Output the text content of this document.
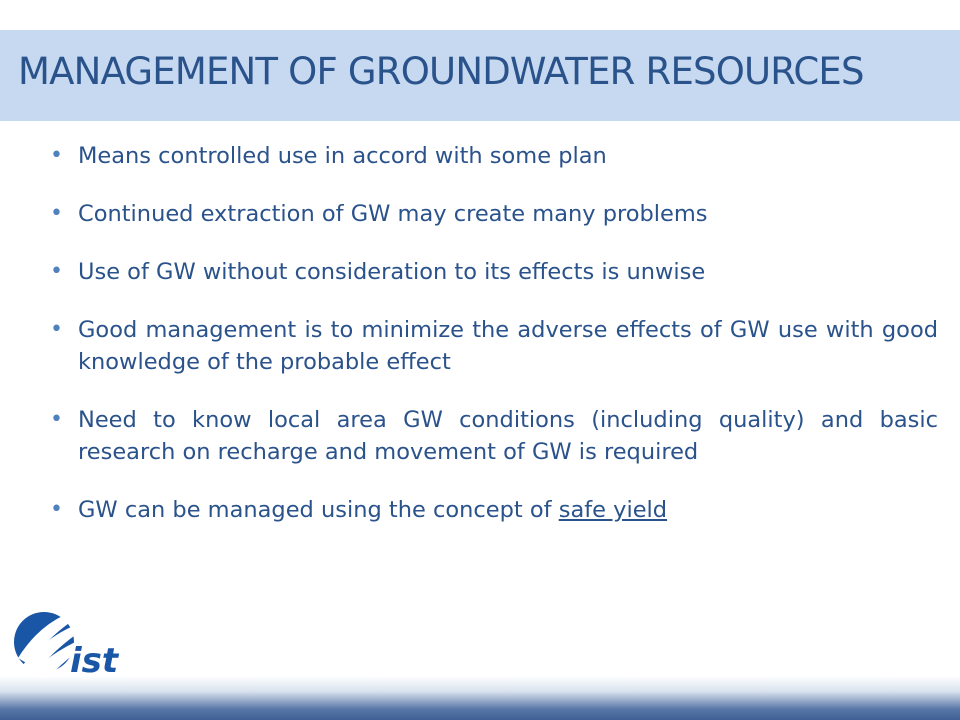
MANAGEMENT OF GROUNDWATER RESOURCES
• Means controlled use in accord with some plan
• Continued extraction of GW may create many problems
• Use of GW without consideration to its effects is unwise
• Good management is to minimize the adverse effects of GW use with good knowledge of the probable effect
• Need to know local area GW conditions (including quality) and basic research on recharge and movement of GW is required
• GW can be managed using the concept of safe yield
ist
